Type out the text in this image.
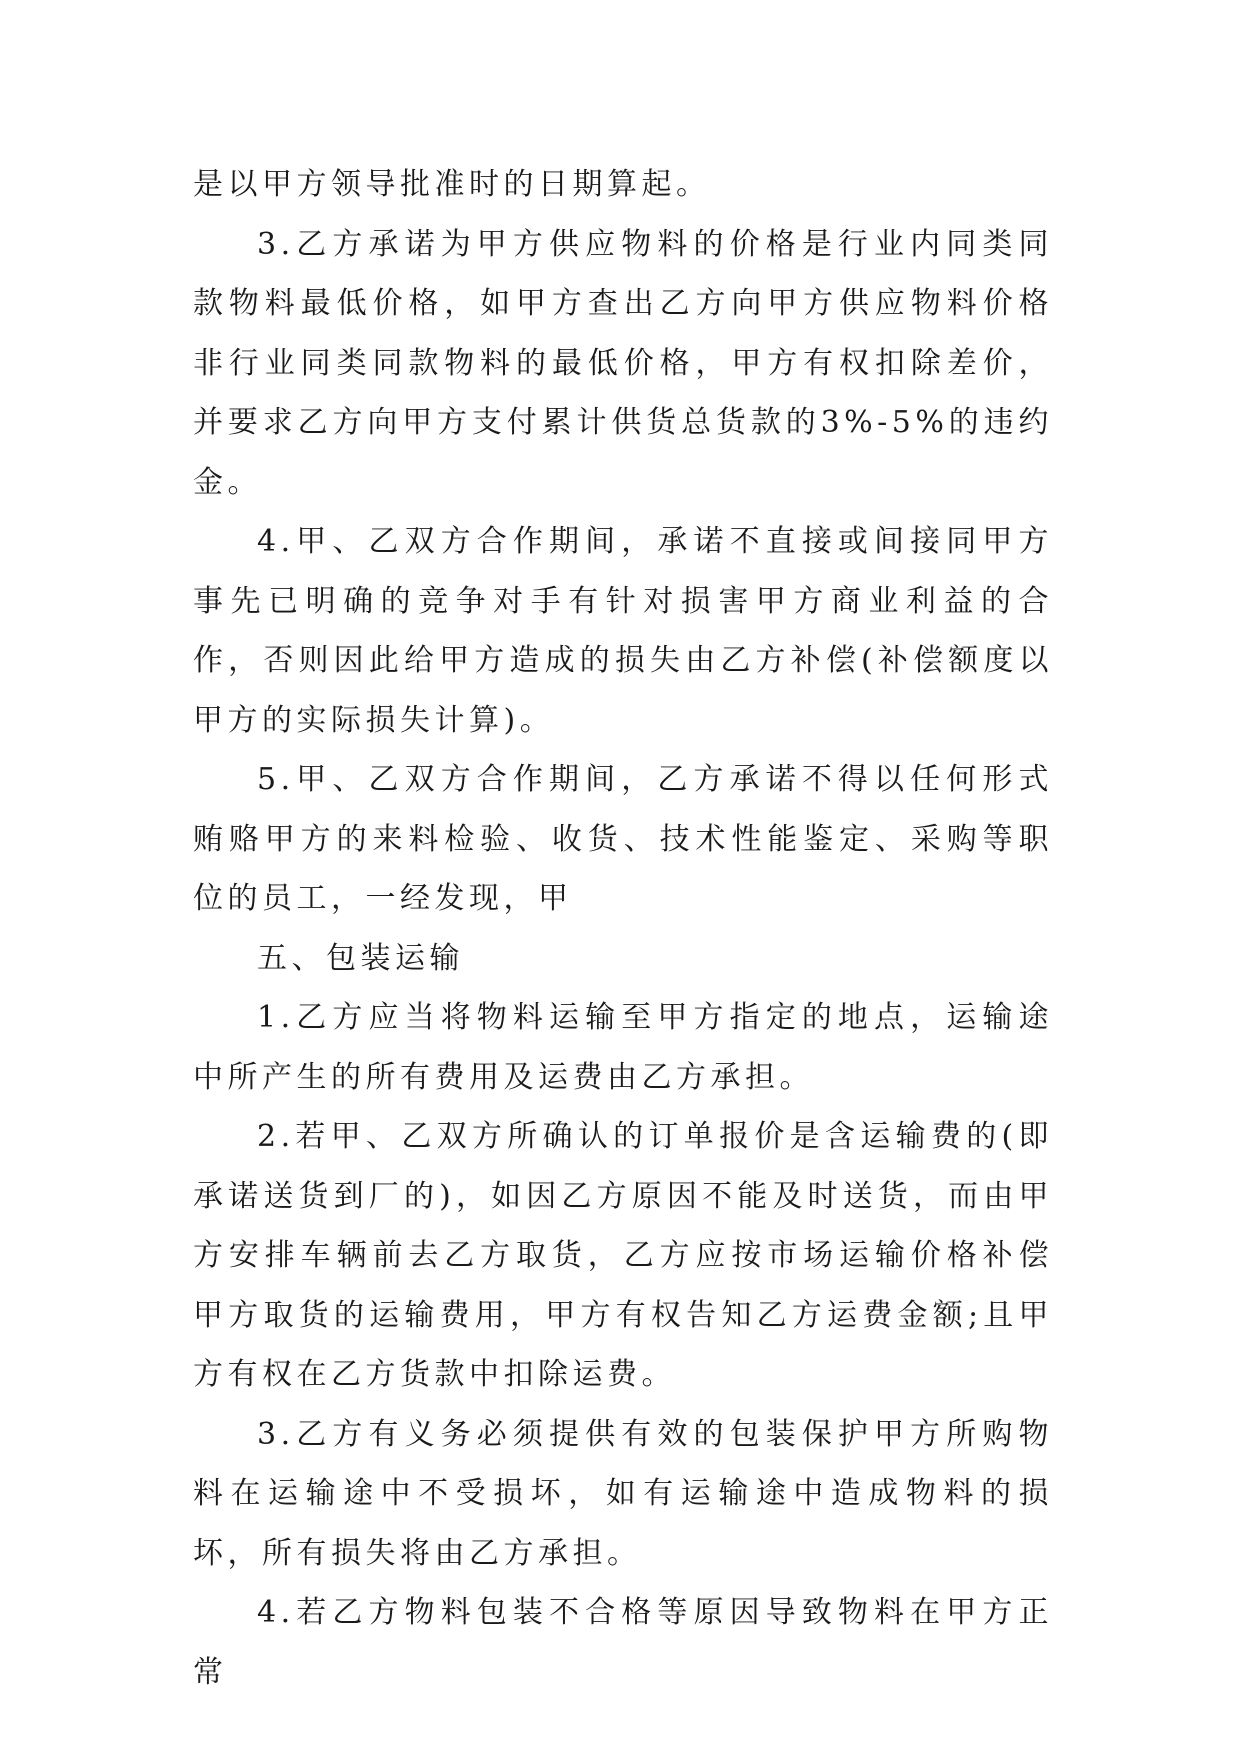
是以甲方领导批准时的日期算起。

3.乙方承诺为甲方供应物料的价格是行业内同类同款物料最低价格，如甲方查出乙方向甲方供应物料价格非行业同类同款物料的最低价格，甲方有权扣除差价，并要求乙方向甲方支付累计供货总货款的3%-5%的违约金。

4.甲、乙双方合作期间，承诺不直接或间接同甲方事先已明确的竞争对手有针对损害甲方商业利益的合作，否则因此给甲方造成的损失由乙方补偿(补偿额度以甲方的实际损失计算)。

5.甲、乙双方合作期间，乙方承诺不得以任何形式贿赂甲方的来料检验、收货、技术性能鉴定、采购等职位的员工，一经发现，甲

五、包装运输

1.乙方应当将物料运输至甲方指定的地点，运输途中所产生的所有费用及运费由乙方承担。

2.若甲、乙双方所确认的订单报价是含运输费的(即承诺送货到厂的)，如因乙方原因不能及时送货，而由甲方安排车辆前去乙方取货，乙方应按市场运输价格补偿甲方取货的运输费用，甲方有权告知乙方运费金额;且甲方有权在乙方货款中扣除运费。

3.乙方有义务必须提供有效的包装保护甲方所购物料在运输途中不受损坏，如有运输途中造成物料的损坏，所有损失将由乙方承担。

4.若乙方物料包装不合格等原因导致物料在甲方正常
